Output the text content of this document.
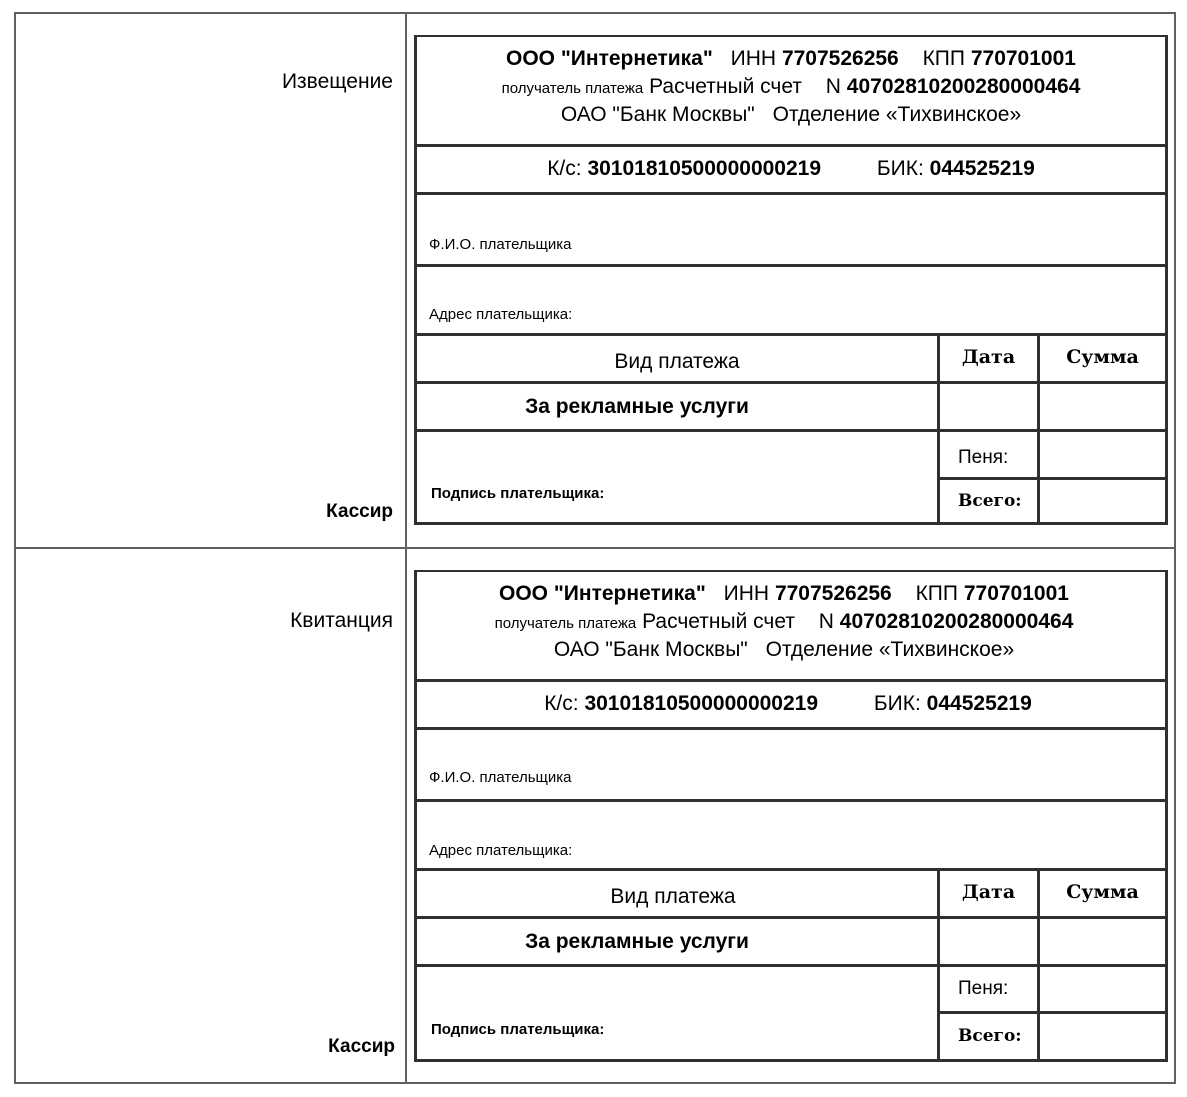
Извещение
Кассир
ООО "Интернетика" ИНН 7707526256 КПП 770701001
получатель платежа Расчетный счет N 40702810200280000464
ОАО "Банк Москвы" Отделение «Тихвинское»
К/с: 30101810500000000219	БИК: 044525219
Ф.И.О. плательщика
Адрес плательщика:
Вид платежа	Дата	Сумма
За рекламные услуги
Подпись плательщика:
Пеня:
Всего:
Квитанция
Кассир
ООО "Интернетика" ИНН 7707526256 КПП 770701001
получатель платежа Расчетный счет N 40702810200280000464
ОАО "Банк Москвы" Отделение «Тихвинское»
К/с: 30101810500000000219	БИК: 044525219
Ф.И.О. плательщика
Адрес плательщика:
Вид платежа	Дата	Сумма
За рекламные услуги
Подпись плательщика:
Пеня:
Всего:
